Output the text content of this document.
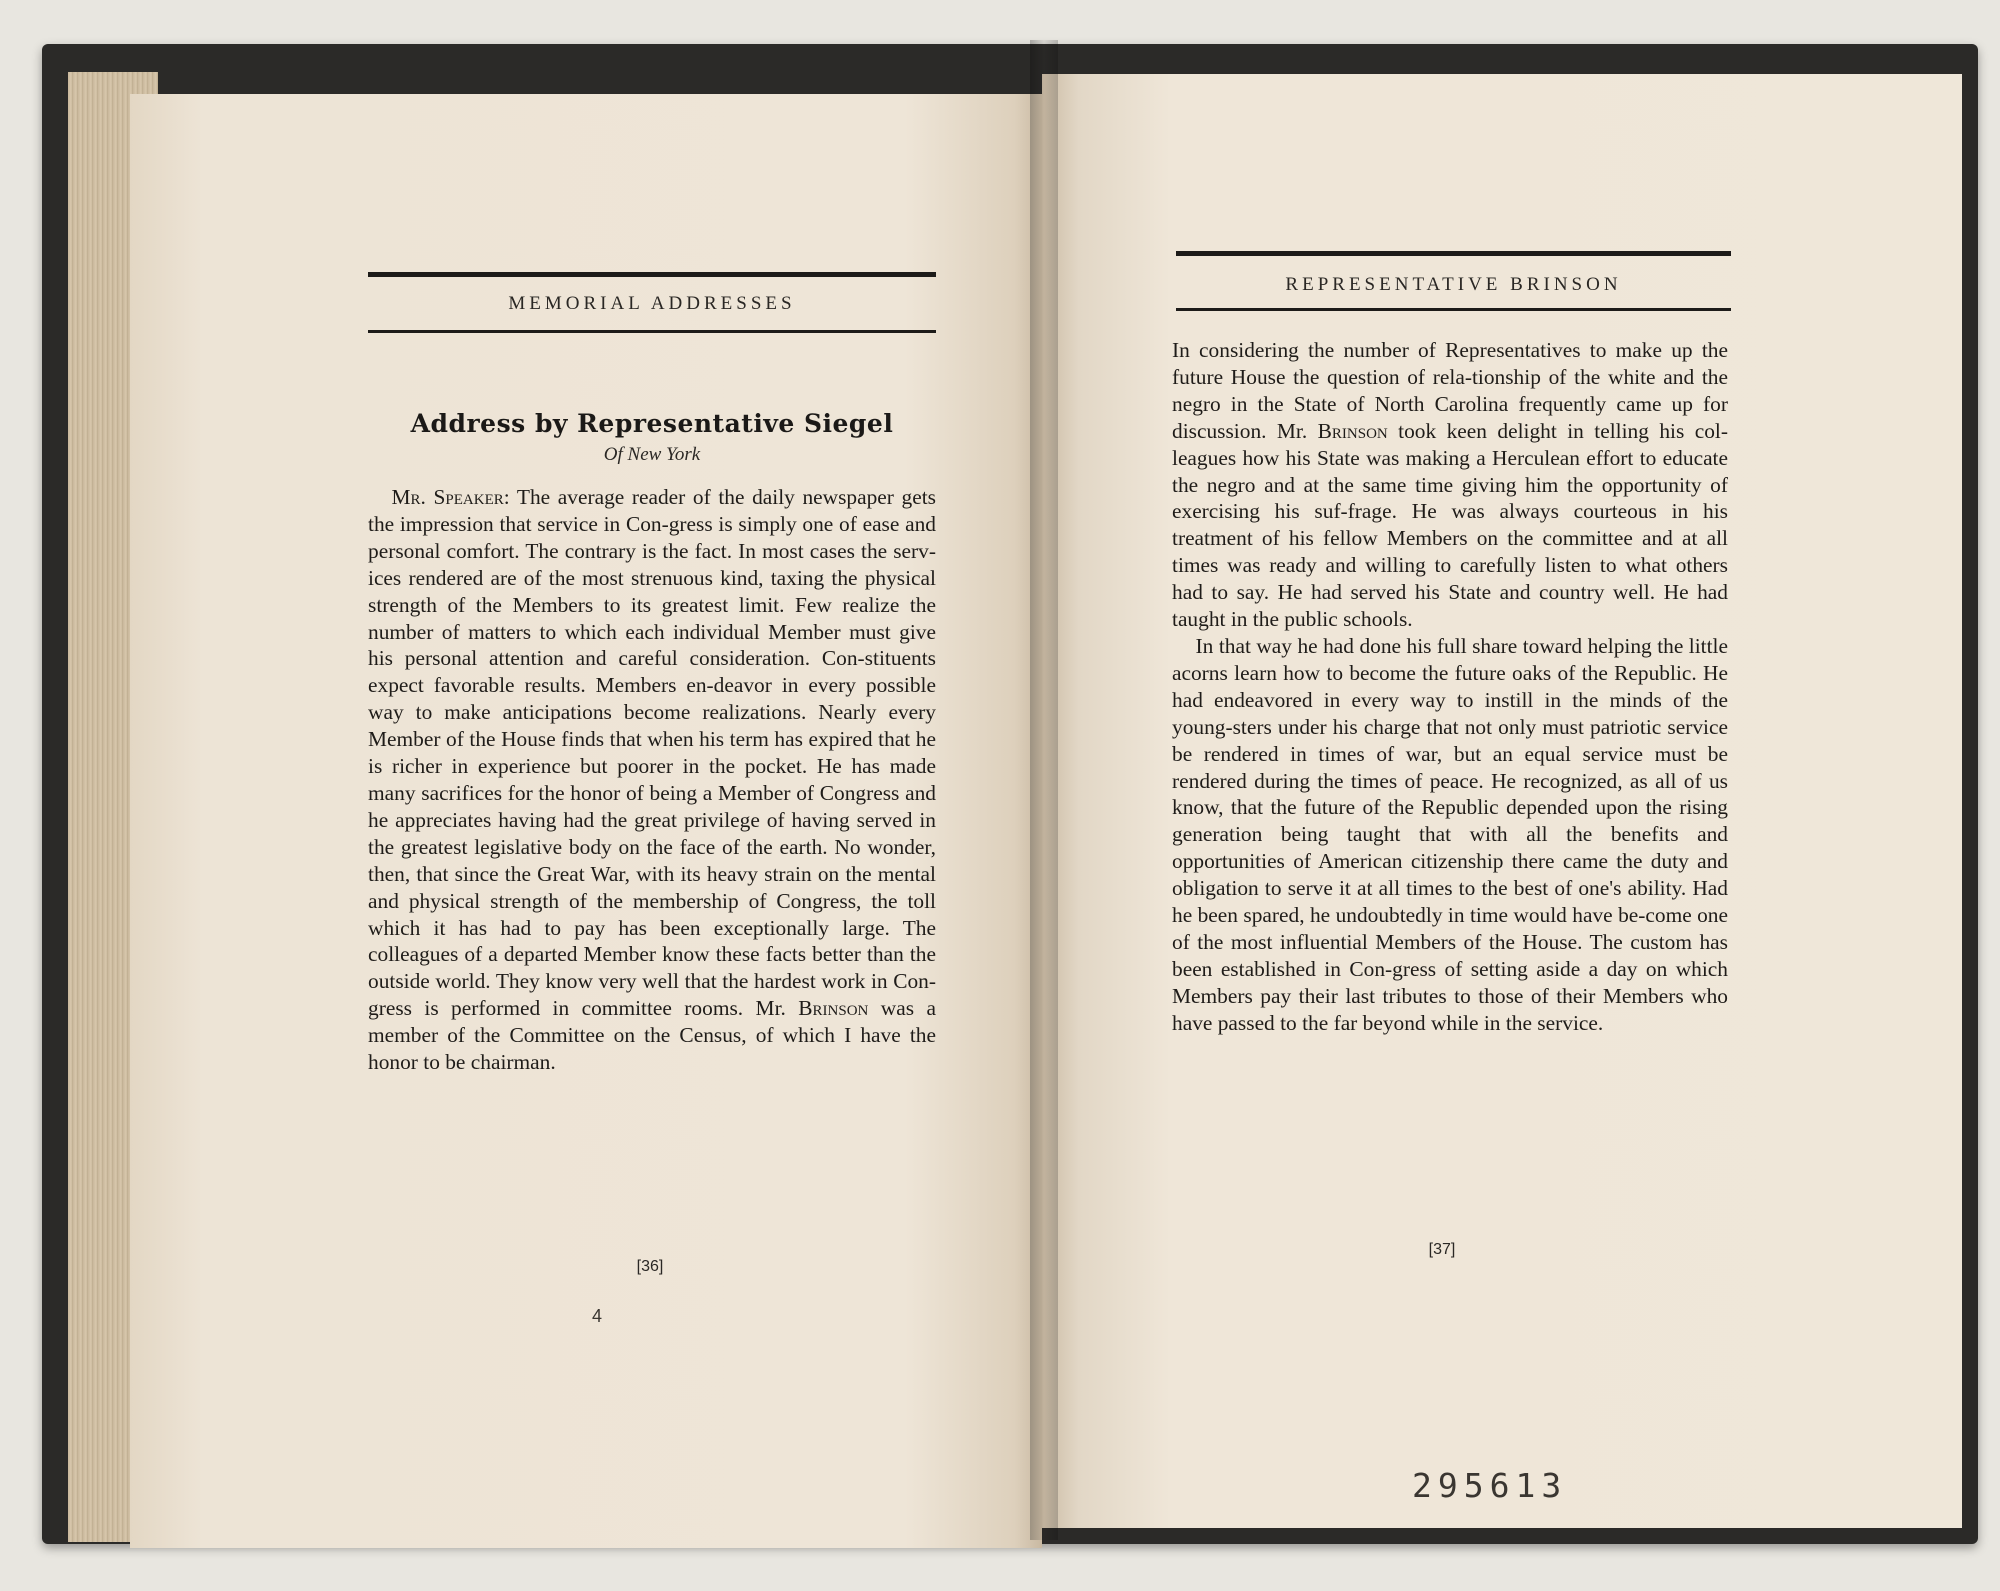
MEMORIAL ADDRESSES
Address by Representative Siegel
Of New York

Mr. Speaker: The average reader of the daily newspaper gets the impression that service in Con-gress is simply one of ease and personal comfort. The contrary is the fact. In most cases the serv-ices rendered are of the most strenuous kind, taxing the physical strength of the Members to its greatest limit. Few realize the number of matters to which each individual Member must give his personal attention and careful consideration. Con-stituents expect favorable results. Members en-deavor in every possible way to make anticipations become realizations. Nearly every Member of the House finds that when his term has expired that he is richer in experience but poorer in the pocket. He has made many sacrifices for the honor of being a Member of Congress and he appreciates having had the great privilege of having served in the greatest legislative body on the face of the earth. No wonder, then, that since the Great War, with its heavy strain on the mental and physical strength of the membership of Congress, the toll which it has had to pay has been exceptionally large. The colleagues of a departed Member know these facts better than the outside world. They know very well that the hardest work in Con-gress is performed in committee rooms. Mr. Brinson was a member of the Committee on the Census, of which I have the honor to be chairman.

[36]
4
REPRESENTATIVE BRINSON

In considering the number of Representatives to make up the future House the question of rela-tionship of the white and the negro in the State of North Carolina frequently came up for discussion. Mr. Brinson took keen delight in telling his col-leagues how his State was making a Herculean effort to educate the negro and at the same time giving him the opportunity of exercising his suf-frage. He was always courteous in his treatment of his fellow Members on the committee and at all times was ready and willing to carefully listen to what others had to say. He had served his State and country well. He had taught in the public schools.

In that way he had done his full share toward helping the little acorns learn how to become the future oaks of the Republic. He had endeavored in every way to instill in the minds of the young-sters under his charge that not only must patriotic service be rendered in times of war, but an equal service must be rendered during the times of peace. He recognized, as all of us know, that the future of the Republic depended upon the rising generation being taught that with all the benefits and opportunities of American citizenship there came the duty and obligation to serve it at all times to the best of one's ability. Had he been spared, he undoubtedly in time would have be-come one of the most influential Members of the House. The custom has been established in Con-gress of setting aside a day on which Members pay their last tributes to those of their Members who have passed to the far beyond while in the service.

[37]
295613
